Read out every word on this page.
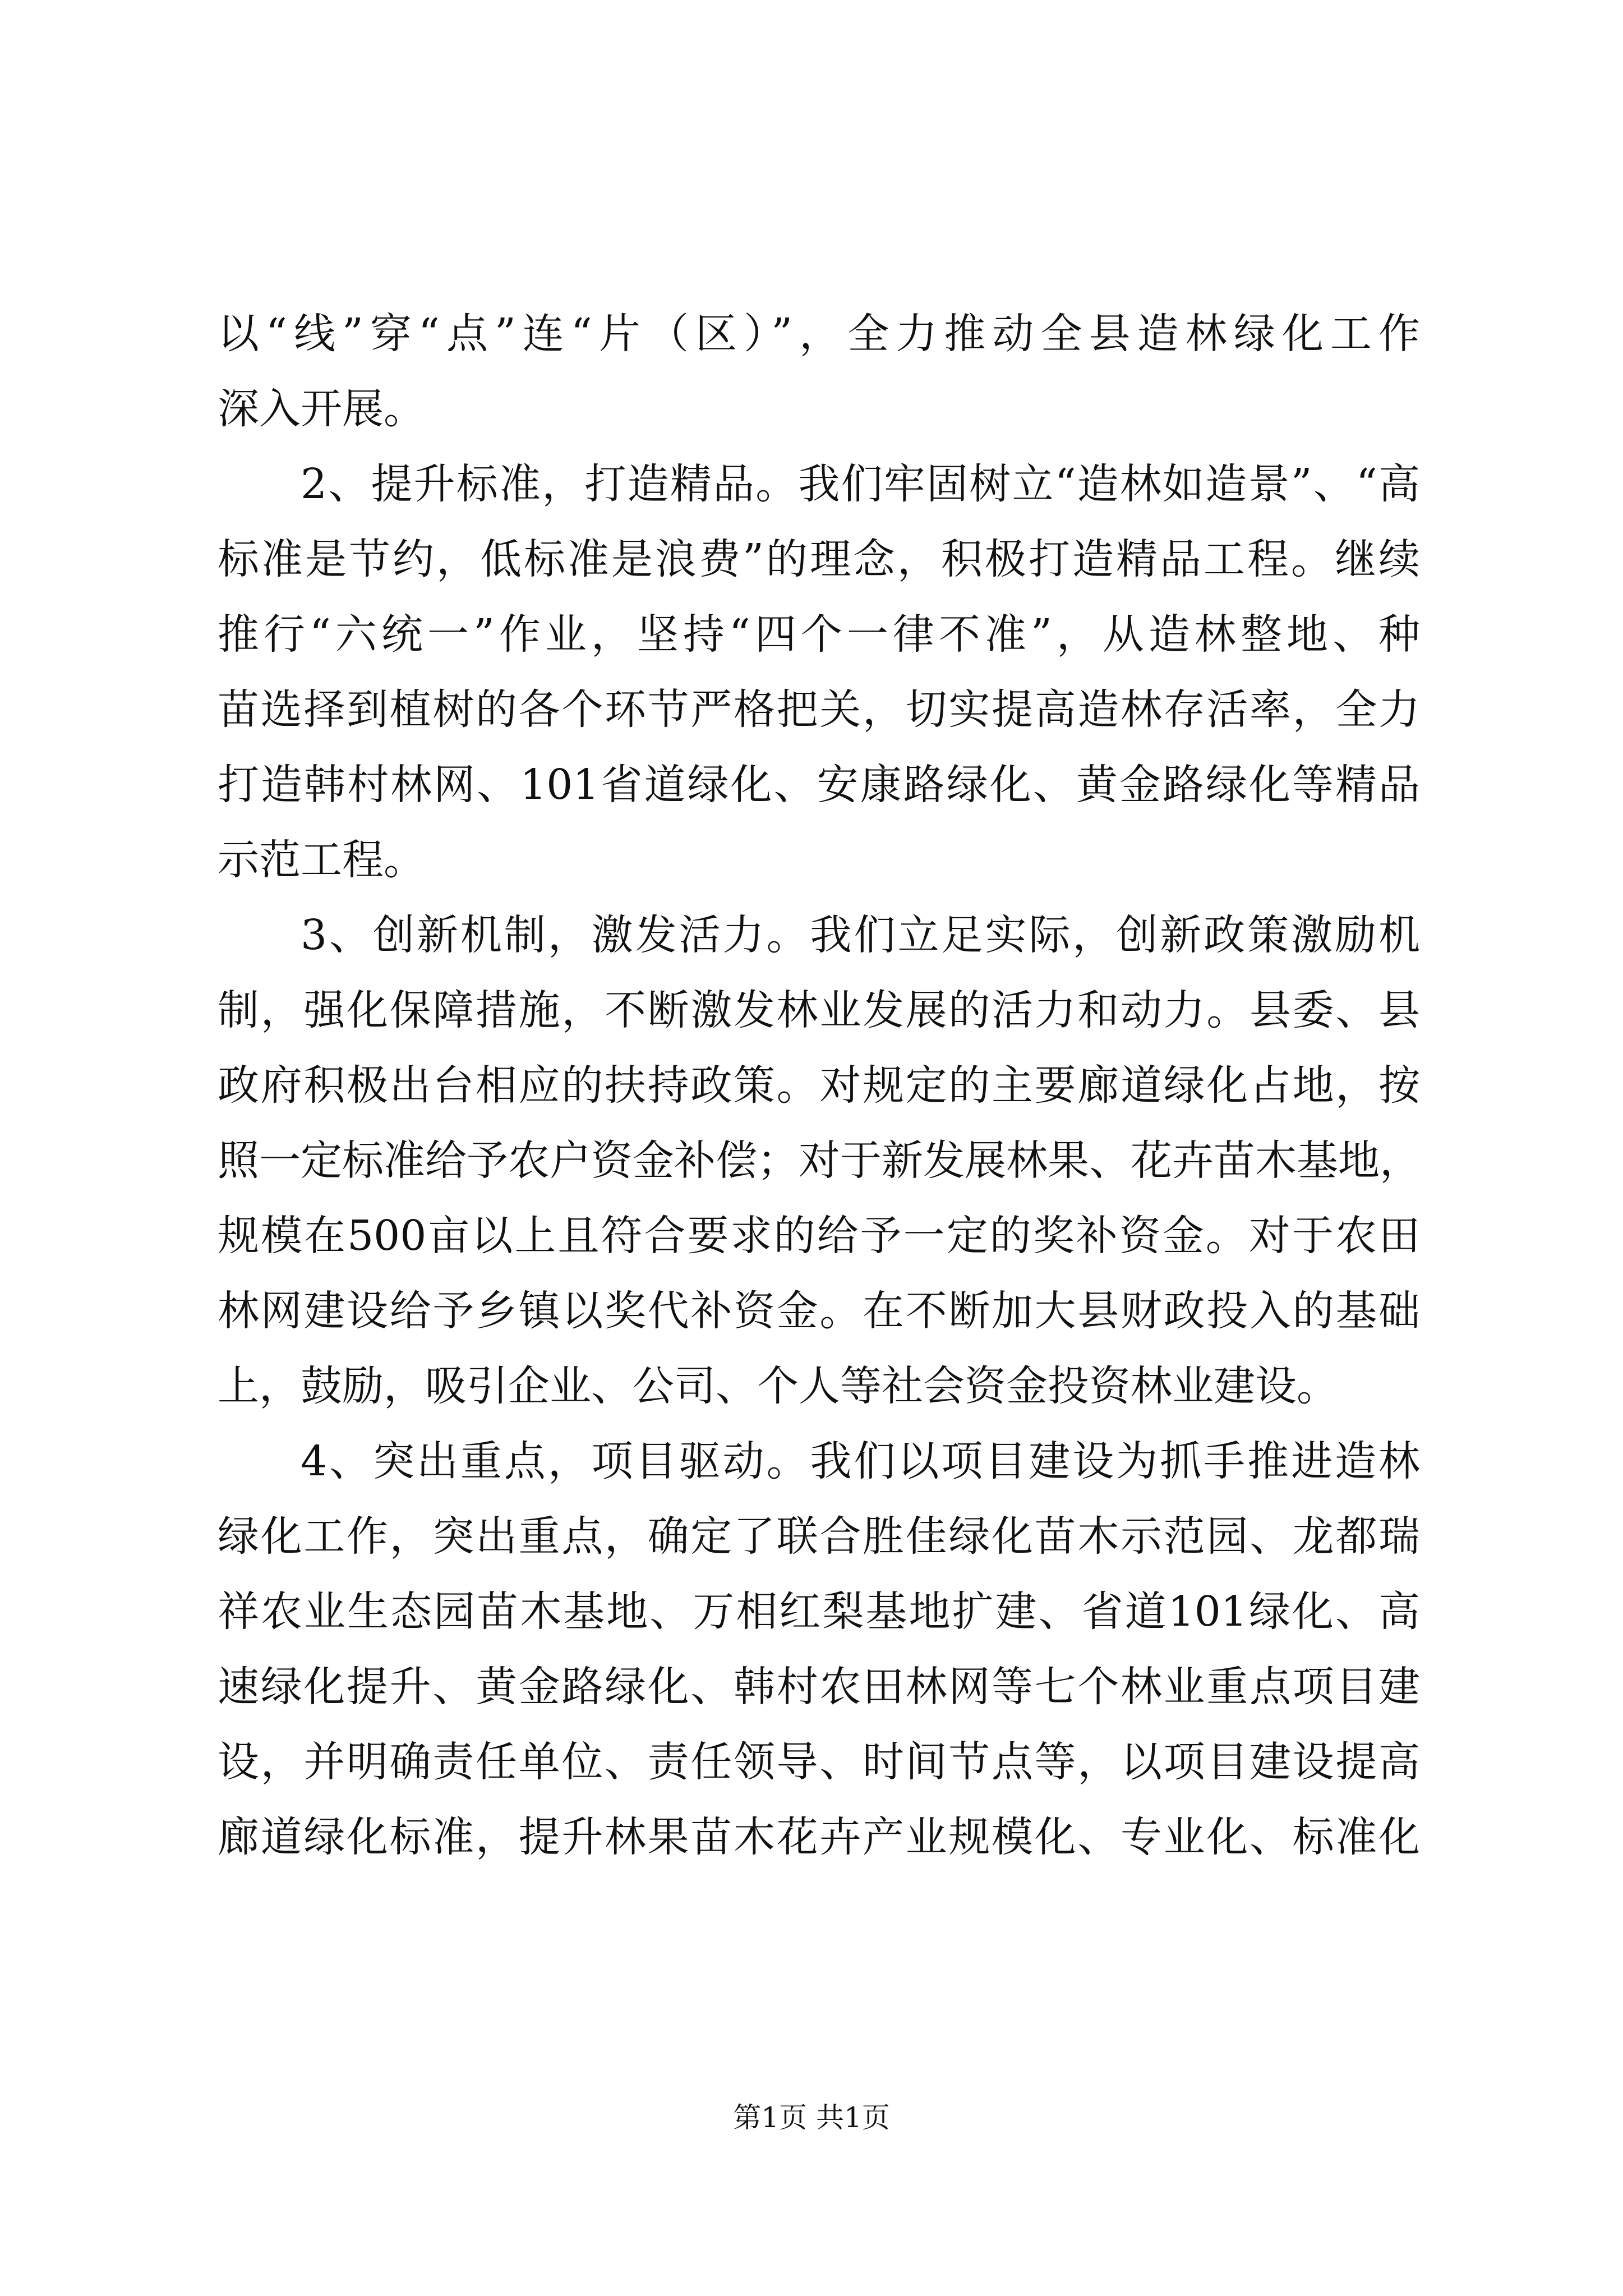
以“线”穿“点”连“片（区）”，全力推动全县造林绿化工作
深入开展。
2、提升标准，打造精品。我们牢固树立“造林如造景”、“高
标准是节约，低标准是浪费”的理念，积极打造精品工程。继续
推行“六统一”作业，坚持“四个一律不准”，从造林整地、种
苗选择到植树的各个环节严格把关，切实提高造林存活率，全力
打造韩村林网、101省道绿化、安康路绿化、黄金路绿化等精品
示范工程。
3、创新机制，激发活力。我们立足实际，创新政策激励机
制，强化保障措施，不断激发林业发展的活力和动力。县委、县
政府积极出台相应的扶持政策。对规定的主要廊道绿化占地，按
照一定标准给予农户资金补偿；对于新发展林果、花卉苗木基地，
规模在500亩以上且符合要求的给予一定的奖补资金。对于农田
林网建设给予乡镇以奖代补资金。在不断加大县财政投入的基础
上，鼓励，吸引企业、公司、个人等社会资金投资林业建设。
4、突出重点，项目驱动。我们以项目建设为抓手推进造林
绿化工作，突出重点，确定了联合胜佳绿化苗木示范园、龙都瑞
祥农业生态园苗木基地、万相红梨基地扩建、省道101绿化、高
速绿化提升、黄金路绿化、韩村农田林网等七个林业重点项目建
设，并明确责任单位、责任领导、时间节点等，以项目建设提高
廊道绿化标准，提升林果苗木花卉产业规模化、专业化、标准化
第1页 共1页
